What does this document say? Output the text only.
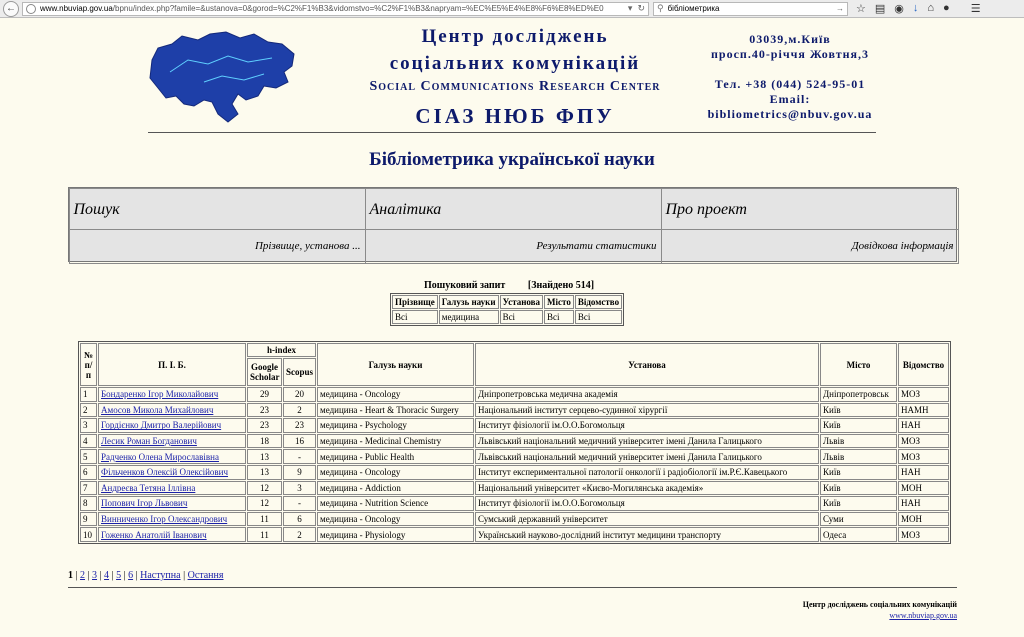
←	www.nbuviap.gov.ua /bpnu/index.php?famile=&ustanova=0&gorod=%C2%F1%B3&vidomstvo=%C2%F1%B3&napryam=%EC%E5%E4%E8%F6%E8%ED%E0	▾ ↻ ⚲ бібліометрика	→ ☆ ▤ ◉ ↓ ⌂ ● ☰
Центр досліджень
соціальних комунікацій
Social Communications Research Center
СІАЗ НЮБ ФПУ
03039,м.Київ
просп.40-річчя Жовтня,3
Тел. +38 (044) 524-95-01
Email:
bibliometrics@nbuv.gov.ua
Бібліометрика української науки
Пошук	Аналітика	Про проект
Прізвище, установа ...	Результати статистики	Довідкова інформація
Пошуковий запит [Знайдено 514]
Прізвище	Галузь науки	Установа	Місто	Відомство
Всі	медицина	Всі	Всі	Всі
№ п/п	П. І. Б.	h-index		Галузь науки	Установа	Місто	Відомство
		Google Scholar	Scopus				
1	Бондаренко Ігор Миколайович	29	20	медицина - Oncology	Дніпропетровська медична академія	Дніпропетровськ	МОЗ
2	Амосов Микола Михайлович	23	2	медицина - Heart & Thoracic Surgery	Національний інститут серцево-судинної хірургії	Київ	НАМН
3	Гордієнко Дмитро Валерійович	23	23	медицина - Psychology	Інститут фізіології ім.О.О.Богомольця	Київ	НАН
4	Лесик Роман Богданович	18	16	медицина - Medicinal Chemistry	Львівський національний медичний університет імені Данила Галицького	Львів	МОЗ
5	Радченко Олена Мирославівна	13	-	медицина - Public Health	Львівський національний медичний університет імені Данила Галицького	Львів	МОЗ
6	Фільченков Олексій Олексійович	13	9	медицина - Oncology	Інститут експериментальної патології онкології і радіобіології ім.Р.Є.Кавецького	Київ	НАН
7	Андреєва Тетяна Іллівна	12	3	медицина - Addiction	Національний університет «Києво-Могилянська академія»	Київ	МОН
8	Попович Ігор Львович	12	-	медицина - Nutrition Science	Інститут фізіології ім.О.О.Богомольця	Київ	НАН
9	Винниченко Ігор Олександрович	11	6	медицина - Oncology	Сумський державний університет	Суми	МОН
10	Гоженко Анатолій Іванович	11	2	медицина - Physiology	Український науково-дослідний інститут медицини транспорту	Одеса	МОЗ
1 | 2 | 3 | 4 | 5 | 6 | Наступна | Остання
Центр досліджень соціальних комунікацій
www.nbuviap.gov.ua
